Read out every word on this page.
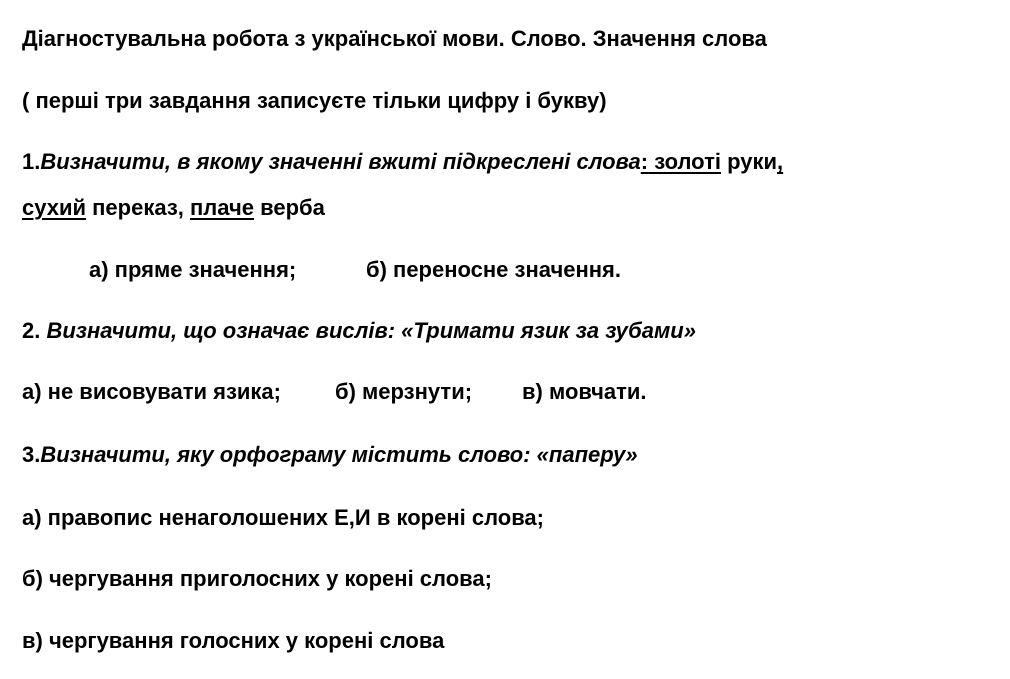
Діагностувальна робота з української мови. Слово. Значення слова
( перші три завдання записуєте тільки цифру і букву)
1.Визначити, в якому значенні вжиті підкреслені слова: золоті руки,
сухий переказ, плаче верба
а) пряме значення;	б) переносне значення.
2. Визначити, що означає вислів: «Тримати язик за зубами»
а) не висовувати язика; б) мерзнути; в) мовчати.
3.Визначити, яку орфограму містить слово: «паперу»
а) правопис ненаголошених Е,И в корені слова;
б) чергування приголосних у корені слова;
в) чергування голосних у корені слова
